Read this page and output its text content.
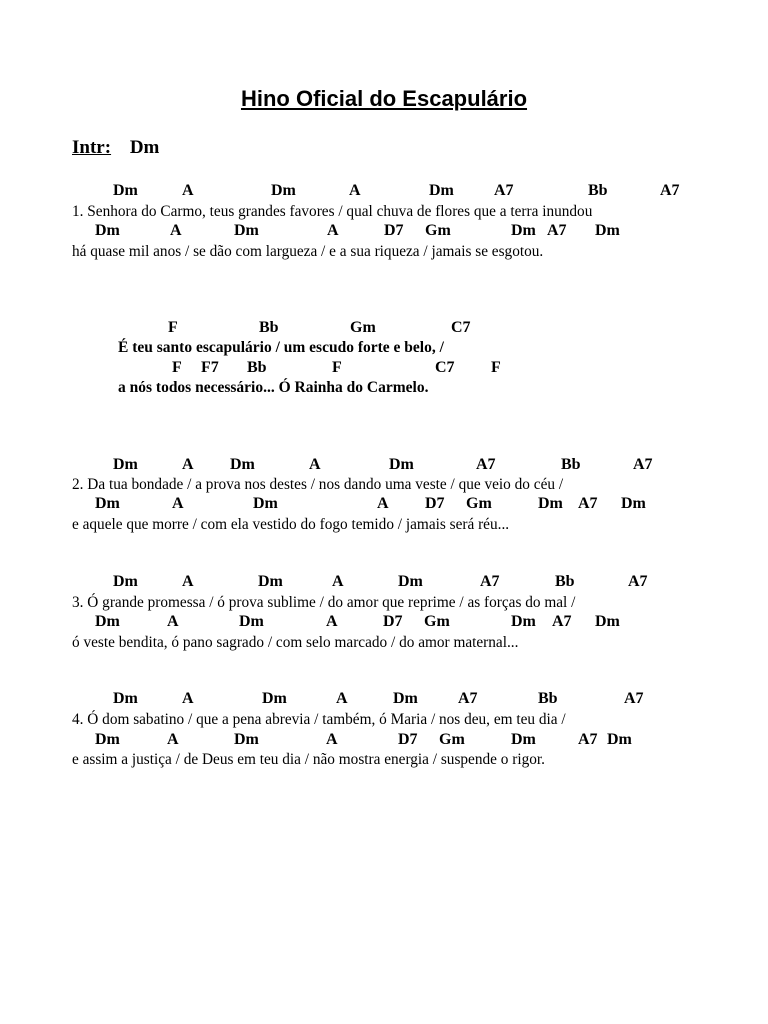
Hino Oficial do Escapulário
Intr: Dm
Dm	A	Dm	A	Dm	A7	Bb	A7
1. Senhora do Carmo, teus grandes favores / qual chuva de flores que a terra inundou
Dm	A	Dm	A	D7 Gm	Dm A7 Dm
há quase mil anos / se dão com largueza / e a sua riqueza / jamais se esgotou.
F	Bb	Gm	C7
É teu santo escapulário / um escudo forte e belo, /
F F7 Bb	F	C7 F
a nós todos necessário... Ó Rainha do Carmelo.
Dm	A Dm	A	Dm	A7	Bb	A7
2. Da tua bondade / a prova nos destes / nos dando uma veste / que veio do céu /
Dm	A	Dm	A D7 Gm	Dm A7 Dm
e aquele que morre / com ela vestido do fogo temido / jamais será réu...
Dm	A	Dm	A	Dm	A7	Bb	A7
3. Ó grande promessa / ó prova sublime / do amor que reprime / as forças do mal /
Dm	A	Dm	A	D7 Gm	Dm A7 Dm
ó veste bendita, ó pano sagrado / com selo marcado / do amor maternal...
Dm	A	Dm	A	Dm	A7	Bb	A7
4. Ó dom sabatino / que a pena abrevia / também, ó Maria / nos deu, em teu dia /
Dm	A	Dm	A	D7 Gm	Dm	A7 Dm
e assim a justiça / de Deus em teu dia / não mostra energia / suspende o rigor.
